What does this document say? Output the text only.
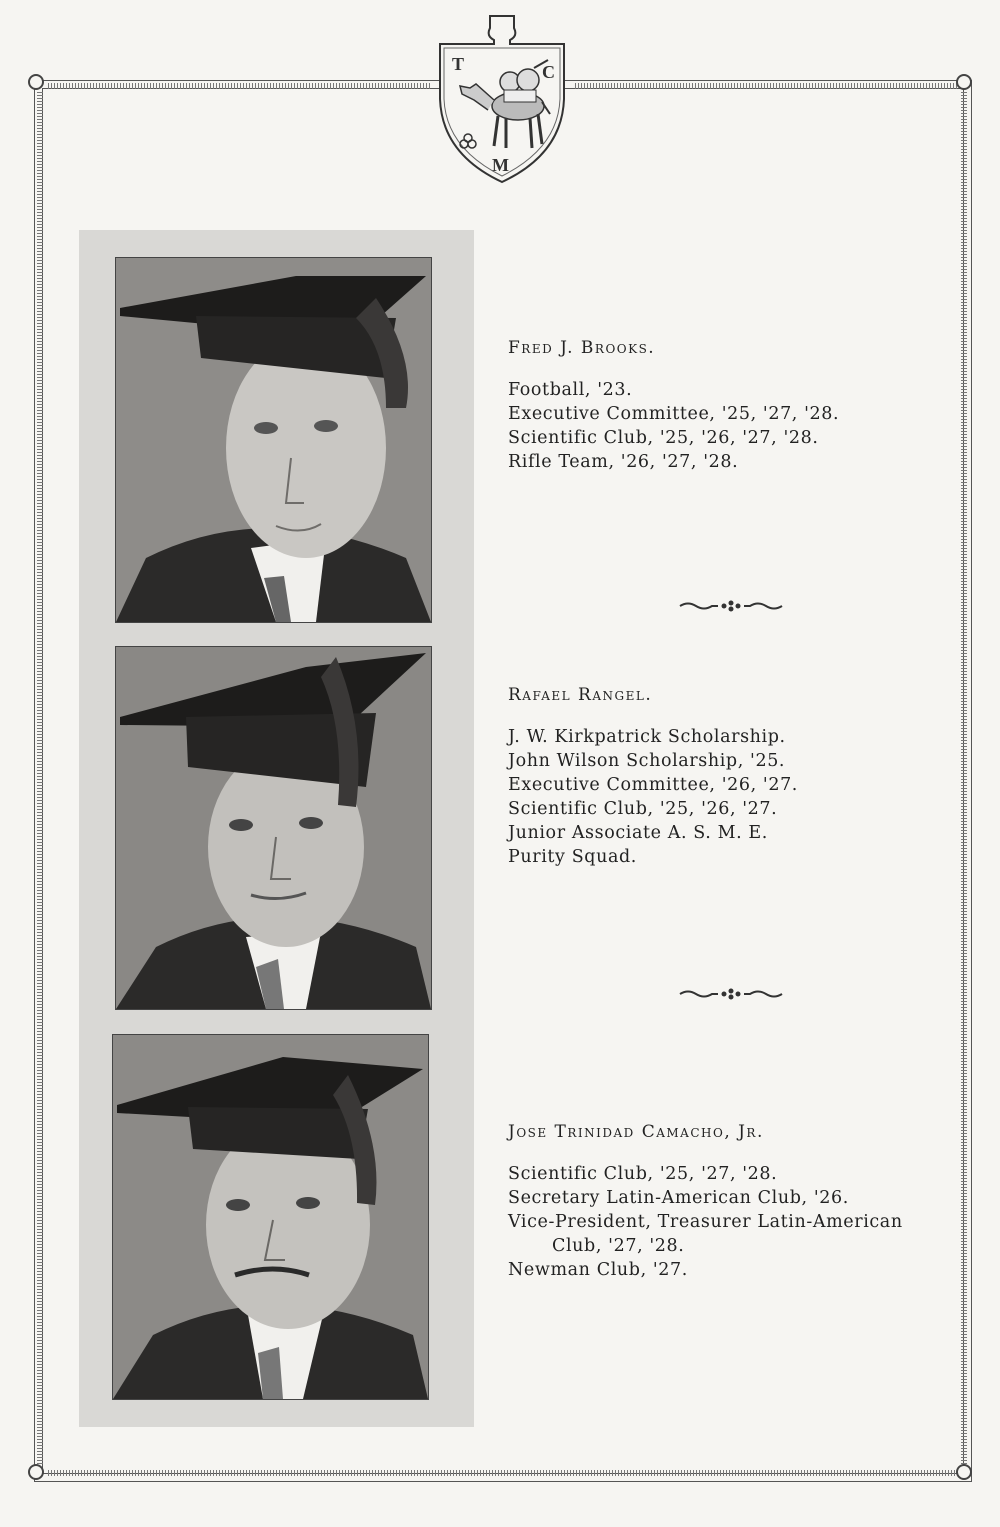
T	C
M
Fred J. Brooks.
Football, '23.
Executive Committee, '25, '27, '28.
Scientific Club, '25, '26, '27, '28.
Rifle Team, '26, '27, '28.
Rafael Rangel.
J. W. Kirkpatrick Scholarship.
John Wilson Scholarship, '25.
Executive Committee, '26, '27.
Scientific Club, '25, '26, '27.
Junior Associate A. S. M. E.
Purity Squad.
Jose Trinidad Camacho, Jr.
Scientific Club, '25, '27, '28.
Secretary Latin-American Club, '26.
Vice-President, Treasurer Latin-American
Club, '27, '28.
Newman Club, '27.
